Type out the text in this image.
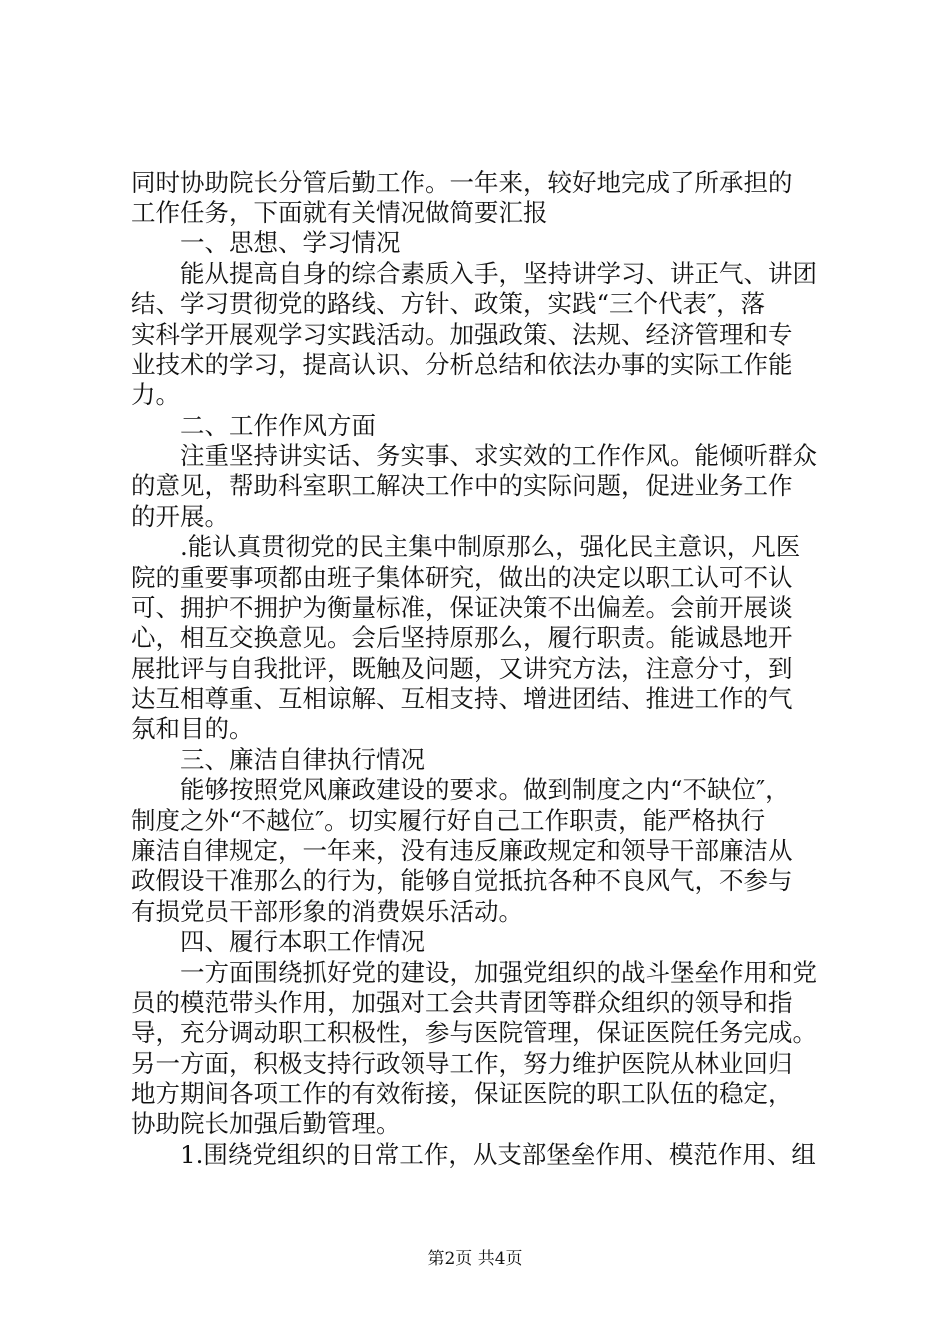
同时协助院长分管后勤工作。一年来，较好地完成了所承担的
工作任务，下面就有关情况做简要汇报
一、思想、学习情况
能从提高自身的综合素质入手，坚持讲学习、讲正气、讲团
结、学习贯彻党的路线、方针、政策，实践“三个代表″，落
实科学开展观学习实践活动。加强政策、法规、经济管理和专
业技术的学习，提高认识、分析总结和依法办事的实际工作能
力。
二、工作作风方面
注重坚持讲实话、务实事、求实效的工作作风。能倾听群众
的意见，帮助科室职工解决工作中的实际问题，促进业务工作
的开展。
.能认真贯彻党的民主集中制原那么，强化民主意识，凡医
院的重要事项都由班子集体研究，做出的决定以职工认可不认
可、拥护不拥护为衡量标准，保证决策不出偏差。会前开展谈
心，相互交换意见。会后坚持原那么，履行职责。能诚恳地开
展批评与自我批评，既触及问题，又讲究方法，注意分寸，到
达互相尊重、互相谅解、互相支持、增进团结、推进工作的气
氛和目的。
三、廉洁自律执行情况
能够按照党风廉政建设的要求。做到制度之内“不缺位″，
制度之外“不越位″。切实履行好自己工作职责，能严格执行
廉洁自律规定，一年来，没有违反廉政规定和领导干部廉洁从
政假设干准那么的行为，能够自觉抵抗各种不良风气，不参与
有损党员干部形象的消费娱乐活动。
四、履行本职工作情况
一方面围绕抓好党的建设，加强党组织的战斗堡垒作用和党
员的模范带头作用，加强对工会共青团等群众组织的领导和指
导，充分调动职工积极性，参与医院管理，保证医院任务完成。
另一方面，积极支持行政领导工作，努力维护医院从林业回归
地方期间各项工作的有效衔接，保证医院的职工队伍的稳定，
协助院长加强后勤管理。
1.围绕党组织的日常工作，从支部堡垒作用、模范作用、组
第2页 共4页
